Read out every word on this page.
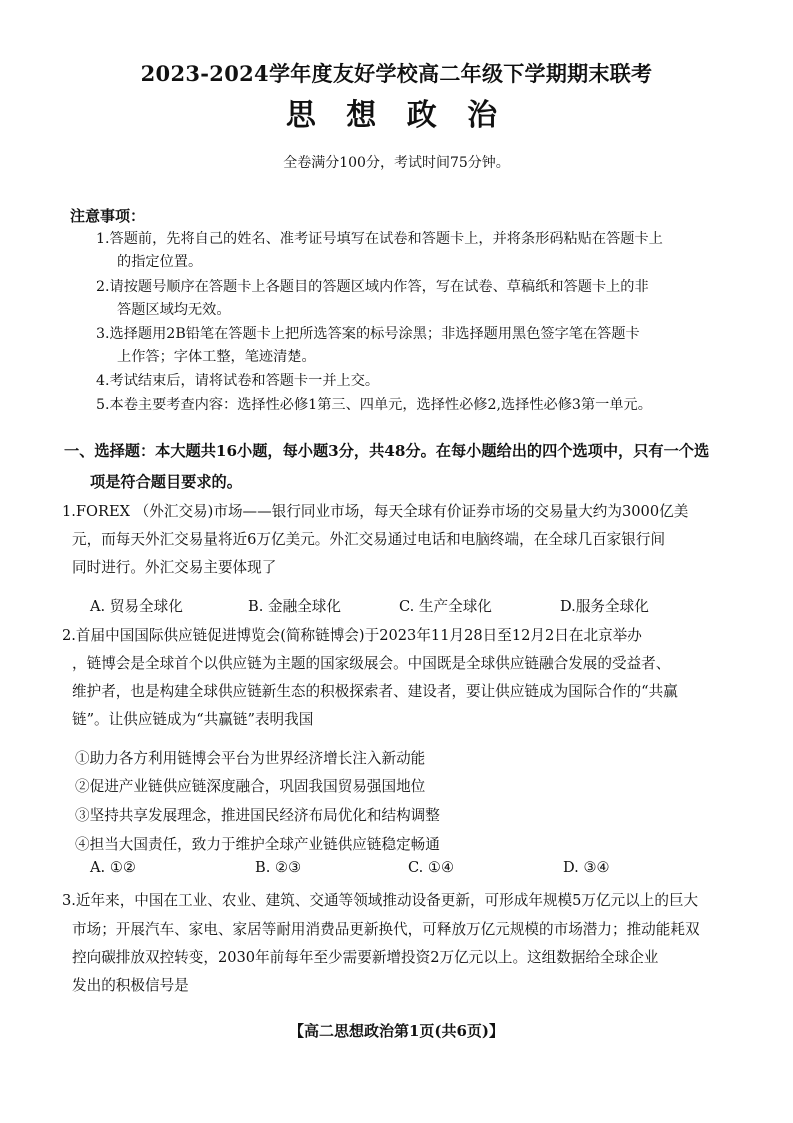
2023-2024学年度友好学校高二年级下学期期末联考
思 想 政 治
全卷满分100分，考试时间75分钟。
注意事项：
1.答题前，先将自己的姓名、准考证号填写在试卷和答题卡上，并将条形码粘贴在答题卡上
的指定位置。
2.请按题号顺序在答题卡上各题目的答题区域内作答，写在试卷、草稿纸和答题卡上的非
答题区域均无效。
3.选择题用2B铅笔在答题卡上把所选答案的标号涂黑；非选择题用黑色签字笔在答题卡
上作答；字体工整，笔迹清楚。
4.考试结束后，请将试卷和答题卡一并上交。
5.本卷主要考查内容：选择性必修1第三、四单元，选择性必修2,选择性必修3第一单元。
一、选择题：本大题共16小题，每小题3分，共48分。在每小题给出的四个选项中，只有一个选
项是符合题目要求的。
1.FOREX （外汇交易)市场——银行同业市场，每天全球有价证券市场的交易量大约为3000亿美
元，而每天外汇交易量将近6万亿美元。外汇交易通过电话和电脑终端，在全球几百家银行间
同时进行。外汇交易主要体现了
A. 贸易全球化	B. 金融全球化	C. 生产全球化	D.服务全球化
2.首届中国国际供应链促进博览会(简称链博会)于2023年11月28日至12月2日在北京举办
，链博会是全球首个以供应链为主题的国家级展会。中国既是全球供应链融合发展的受益者、
维护者，也是构建全球供应链新生态的积极探索者、建设者，要让供应链成为国际合作的“共赢
链”。让供应链成为“共赢链”表明我国
①助力各方利用链博会平台为世界经济增长注入新动能
②促进产业链供应链深度融合，巩固我国贸易强国地位
③坚持共享发展理念，推进国民经济布局优化和结构调整
④担当大国责任，致力于维护全球产业链供应链稳定畅通
A. ①②	B. ②③	C. ①④	D. ③④
3.近年来，中国在工业、农业、建筑、交通等领域推动设备更新，可形成年规模5万亿元以上的巨大
市场；开展汽车、家电、家居等耐用消费品更新换代，可释放万亿元规模的市场潜力；推动能耗双
控向碳排放双控转变，2030年前每年至少需要新增投资2万亿元以上。这组数据给全球企业
发出的积极信号是
【高二思想政治第1页(共6页)】
